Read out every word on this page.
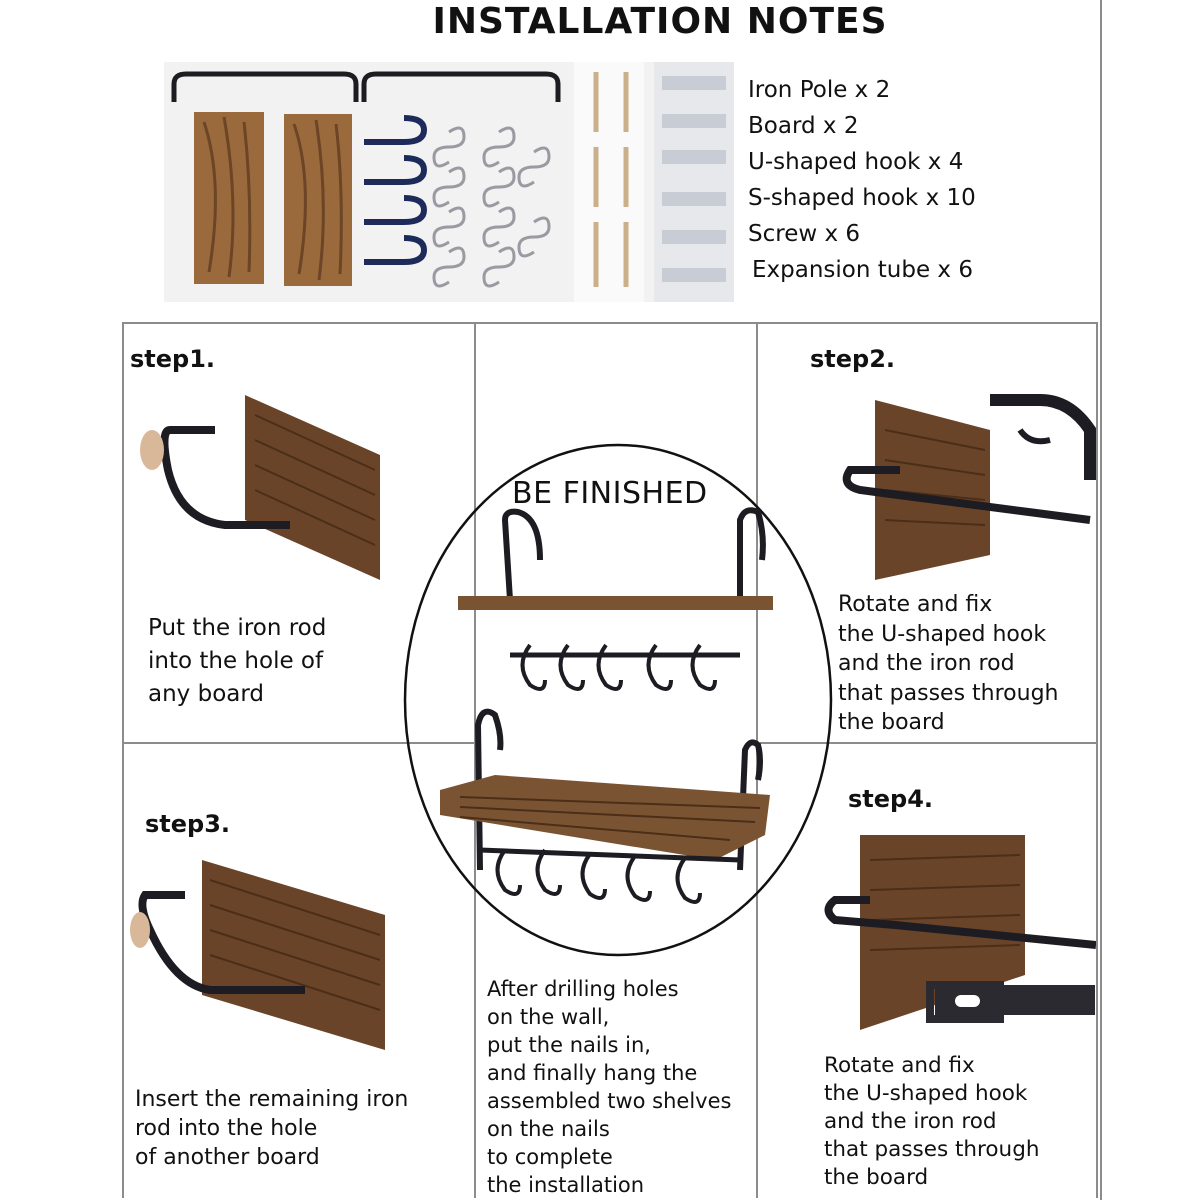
INSTALLATION NOTES
Iron Pole x 2
Board x 2
U-shaped hook x 4
S-shaped hook x 10
Screw x 6
Expansion tube x 6
step1.
Put the iron rod
into the hole of
any board
step2.
Rotate and fix
the U-shaped hook
and the iron rod
that passes through
the board
BE FINISHED
step3.
Insert the remaining iron
rod into the hole
of another board
After drilling holes
on the wall,
put the nails in,
and finally hang the
assembled two shelves
on the nails
to complete
the installation
step4.
Rotate and fix
the U-shaped hook
and the iron rod
that passes through
the board
